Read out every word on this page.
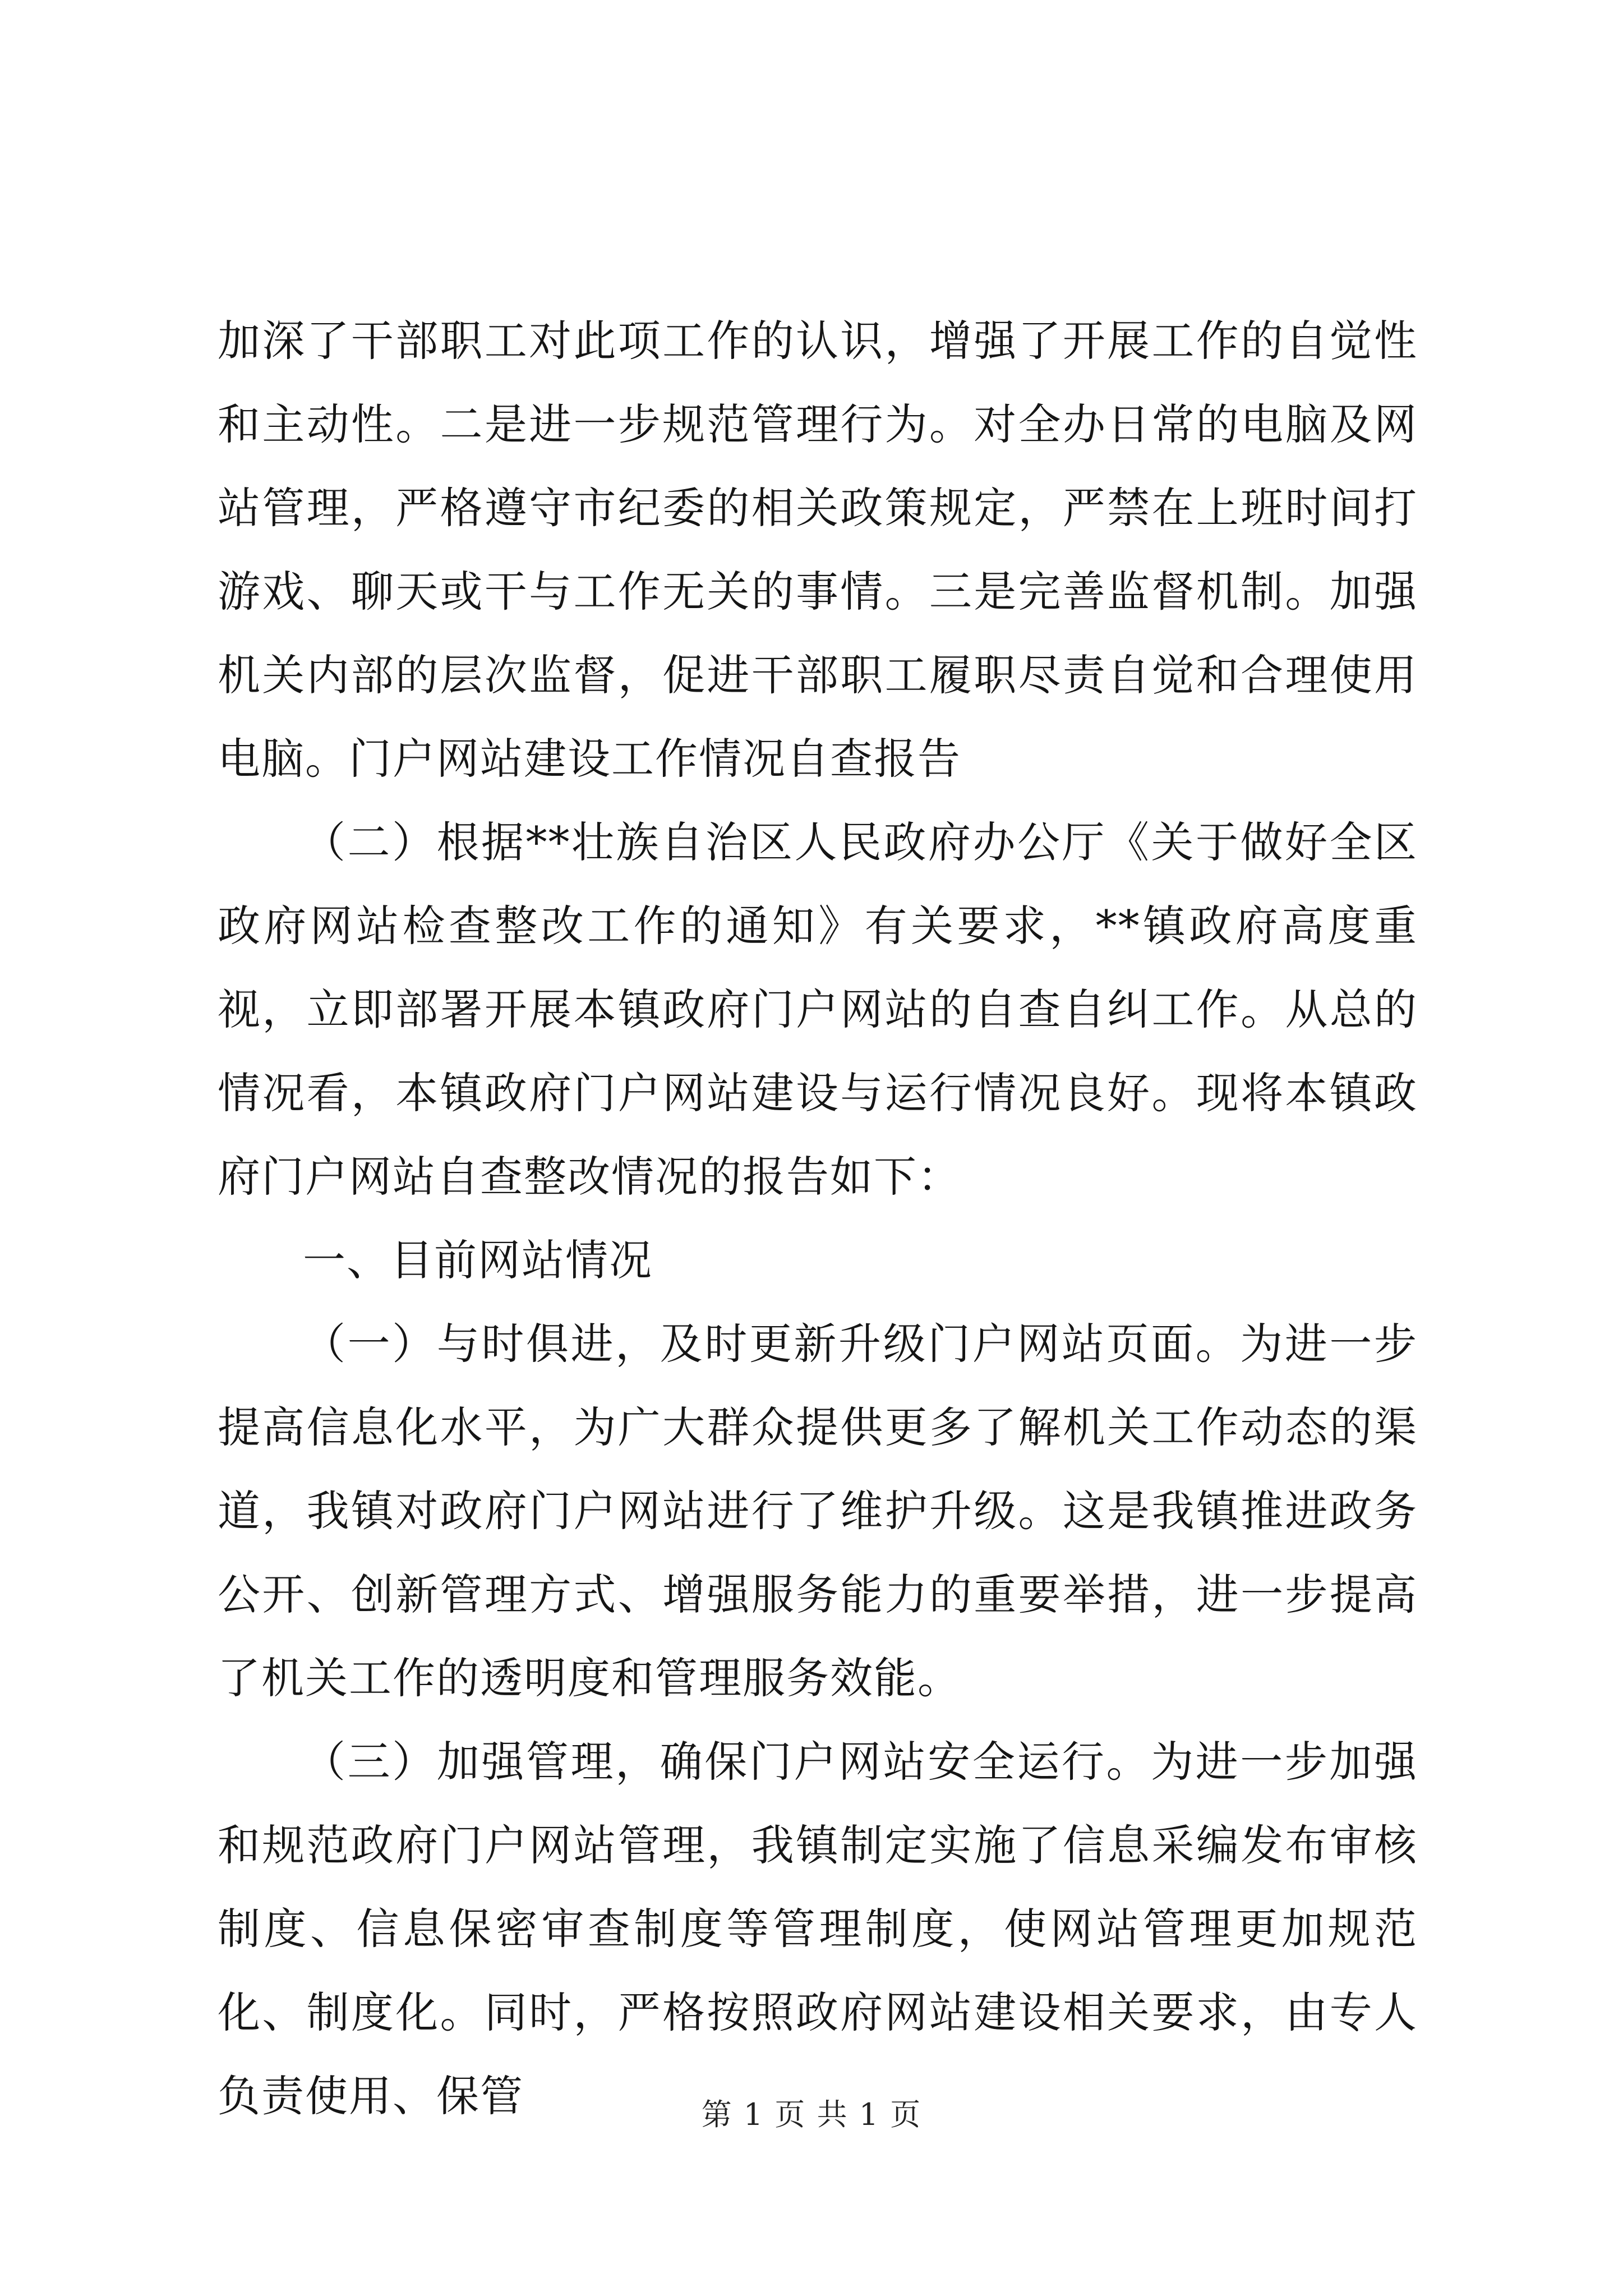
加深了干部职工对此项工作的认识，增强了开展工作的自觉性和主动性。二是进一步规范管理行为。对全办日常的电脑及网站管理，严格遵守市纪委的相关政策规定，严禁在上班时间打游戏、聊天或干与工作无关的事情。三是完善监督机制。加强机关内部的层次监督，促进干部职工履职尽责自觉和合理使用电脑。门户网站建设工作情况自查报告

（二）根据**壮族自治区人民政府办公厅《关于做好全区政府网站检查整改工作的通知》有关要求，**镇政府高度重视，立即部署开展本镇政府门户网站的自查自纠工作。从总的情况看，本镇政府门户网站建设与运行情况良好。现将本镇政府门户网站自查整改情况的报告如下：

一、目前网站情况

（一）与时俱进，及时更新升级门户网站页面。为进一步提高信息化水平，为广大群众提供更多了解机关工作动态的渠道，我镇对政府门户网站进行了维护升级。这是我镇推进政务公开、创新管理方式、增强服务能力的重要举措，进一步提高了机关工作的透明度和管理服务效能。

（三）加强管理，确保门户网站安全运行。为进一步加强和规范政府门户网站管理，我镇制定实施了信息采编发布审核制度、信息保密审查制度等管理制度，使网站管理更加规范化、制度化。同时，严格按照政府网站建设相关要求，由专人负责使用、保管	第 1 页 共 1 页
